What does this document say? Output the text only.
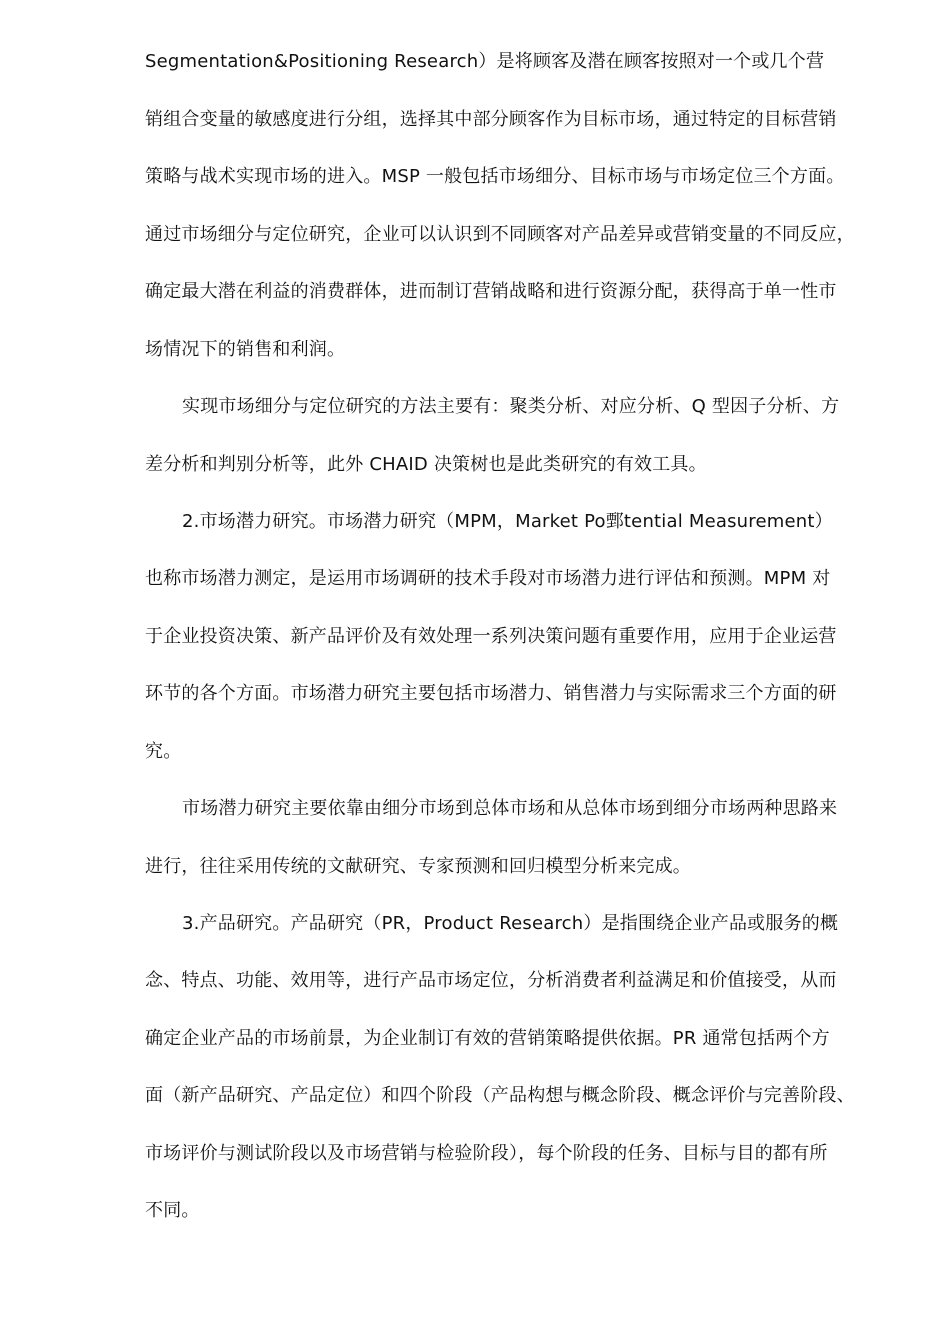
Segmentation&Positioning Research）是将顾客及潜在顾客按照对一个或几个营
销组合变量的敏感度进行分组，选择其中部分顾客作为目标市场，通过特定的目标营销
策略与战术实现市场的进入。MSP 一般包括市场细分、目标市场与市场定位三个方面。
通过市场细分与定位研究，企业可以认识到不同顾客对产品差异或营销变量的不同反应，
确定最大潜在利益的消费群体，进而制订营销战略和进行资源分配，获得高于单一性市
场情况下的销售和利润。
实现市场细分与定位研究的方法主要有：聚类分析、对应分析、Q 型因子分析、方
差分析和判别分析等，此外 CHAID 决策树也是此类研究的有效工具。
2.市场潜力研究。市场潜力研究（MPM，Market Po鄄tential Measurement）
也称市场潜力测定，是运用市场调研的技术手段对市场潜力进行评估和预测。MPM 对
于企业投资决策、新产品评价及有效处理一系列决策问题有重要作用，应用于企业运营
环节的各个方面。市场潜力研究主要包括市场潜力、销售潜力与实际需求三个方面的研
究。
市场潜力研究主要依靠由细分市场到总体市场和从总体市场到细分市场两种思路来
进行，往往采用传统的文献研究、专家预测和回归模型分析来完成。
3.产品研究。产品研究（PR，Product Research）是指围绕企业产品或服务的概
念、特点、功能、效用等，进行产品市场定位，分析消费者利益满足和价值接受，从而
确定企业产品的市场前景，为企业制订有效的营销策略提供依据。PR 通常包括两个方
面（新产品研究、产品定位）和四个阶段（产品构想与概念阶段、概念评价与完善阶段、
市场评价与测试阶段以及市场营销与检验阶段），每个阶段的任务、目标与目的都有所
不同。
